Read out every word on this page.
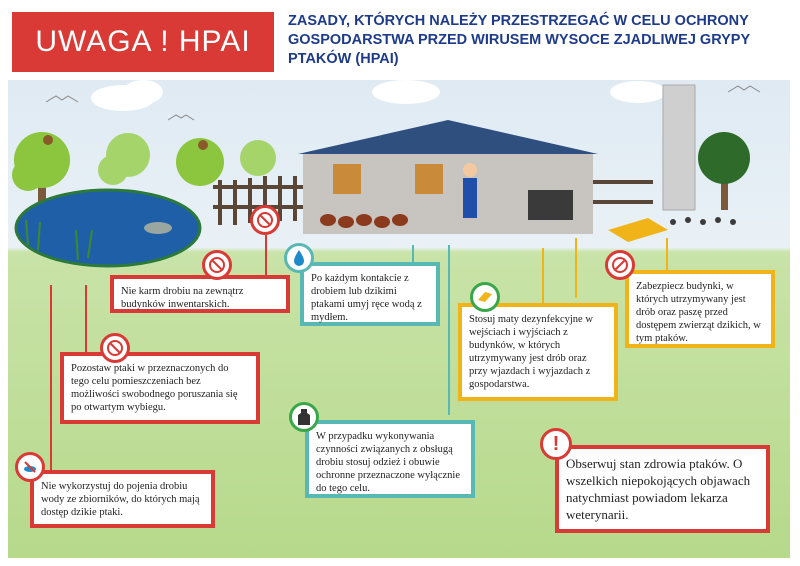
UWAGA ! HPAI
ZASADY, KTÓRYCH NALEŻY PRZESTRZEGAĆ W CELU OCHRONY GOSPODARSTWA PRZED WIRUSEM WYSOCE ZJADLIWEJ GRYPY PTAKÓW (HPAI)
Nie karm drobiu na zewnątrz budynków inwentarskich.
Po każdym kontakcie z drobiem lub dzikimi ptakami umyj ręce wodą z mydłem.
Zabezpiecz budynki, w których utrzymywany jest drób oraz paszę przed dostępem zwierząt dzikich, w tym ptaków.
Pozostaw ptaki w przeznaczonych do tego celu pomieszczeniach bez możliwości swobodnego poruszania się po otwartym wybiegu.
Stosuj maty dezynfekcyjne w wejściach i wyjściach z budynków, w których utrzymywany jest drób oraz przy wjazdach i wyjazdach z gospodarstwa.
W przypadku wykonywania czynności związanych z obsługą drobiu stosuj odzież i obuwie ochronne przeznaczone wyłącznie do tego celu.
Nie wykorzystuj do pojenia drobiu wody ze zbiorników, do których mają dostęp dzikie ptaki.
Obserwuj stan zdrowia ptaków. O wszelkich niepokojących objawach natychmiast powiadom lekarza weterynarii.
!
